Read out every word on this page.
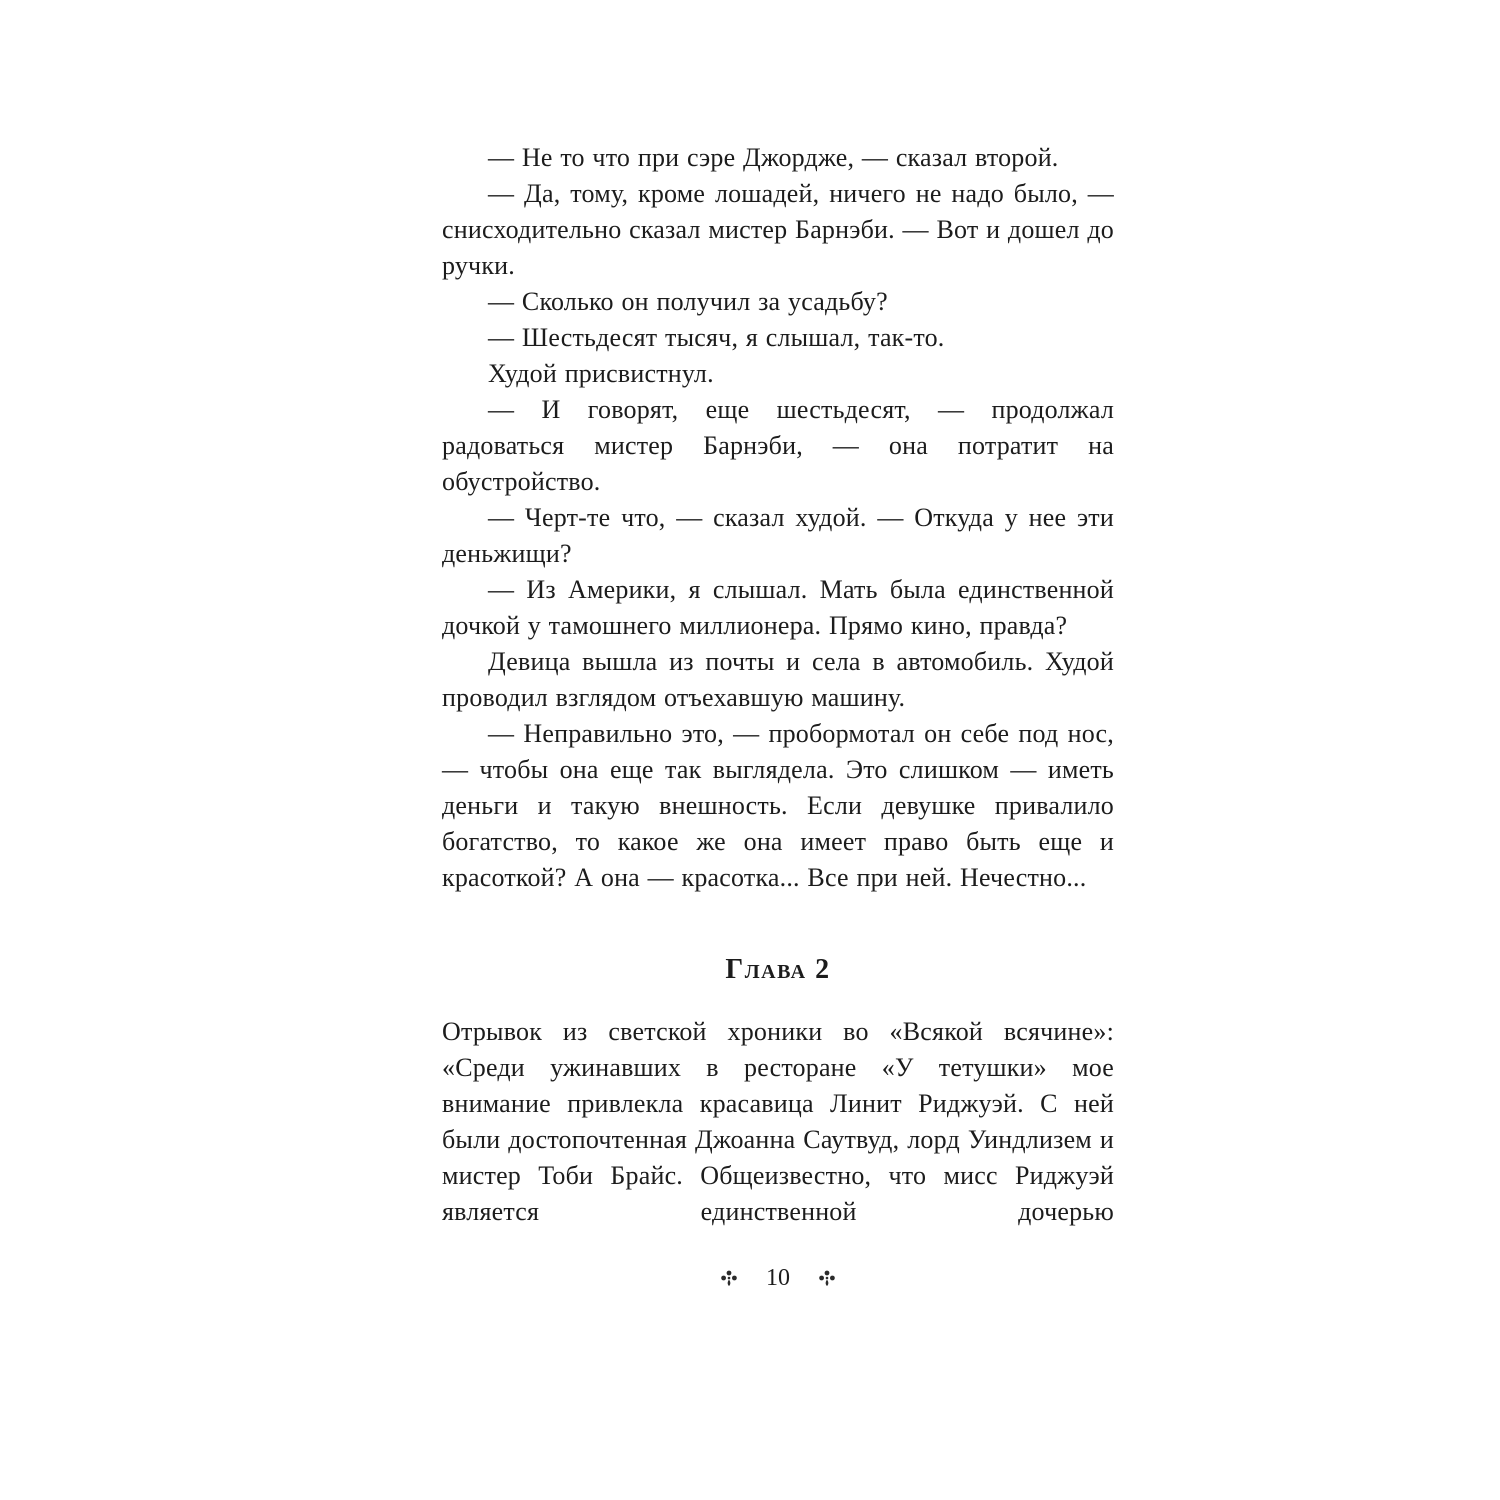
— Не то что при сэре Джордже, — сказал второй.

— Да, тому, кроме лошадей, ничего не надо было, — снисходительно сказал мистер Барнэби. — Вот и дошел до ручки.

— Сколько он получил за усадьбу?

— Шестьдесят тысяч, я слышал, так-то.

Худой присвистнул.

— И говорят, еще шестьдесят, — продолжал радоваться мистер Барнэби, — она потратит на обустройство.

— Черт-те что, — сказал худой. — Откуда у нее эти деньжищи?

— Из Америки, я слышал. Мать была единственной дочкой у тамошнего миллионера. Прямо кино, правда?

Девица вышла из почты и села в автомобиль. Худой проводил взглядом отъехавшую машину.

— Неправильно это, — пробормотал он себе под нос, — чтобы она еще так выглядела. Это слишком — иметь деньги и такую внешность. Если девушке привалило богатство, то какое же она имеет право быть еще и красоткой? А она — красотка... Все при ней. Нечестно...

Глава 2

Отрывок из светской хроники во «Всякой всячине»: «Среди ужинавших в ресторане «У тетушки» мое внимание привлекла красавица Линит Риджуэй. С ней были достопочтенная Джоанна Саутвуд, лорд Уиндлизем и мистер Тоби Брайс. Общеизвестно, что мисс Риджуэй является единственной дочерью

10
